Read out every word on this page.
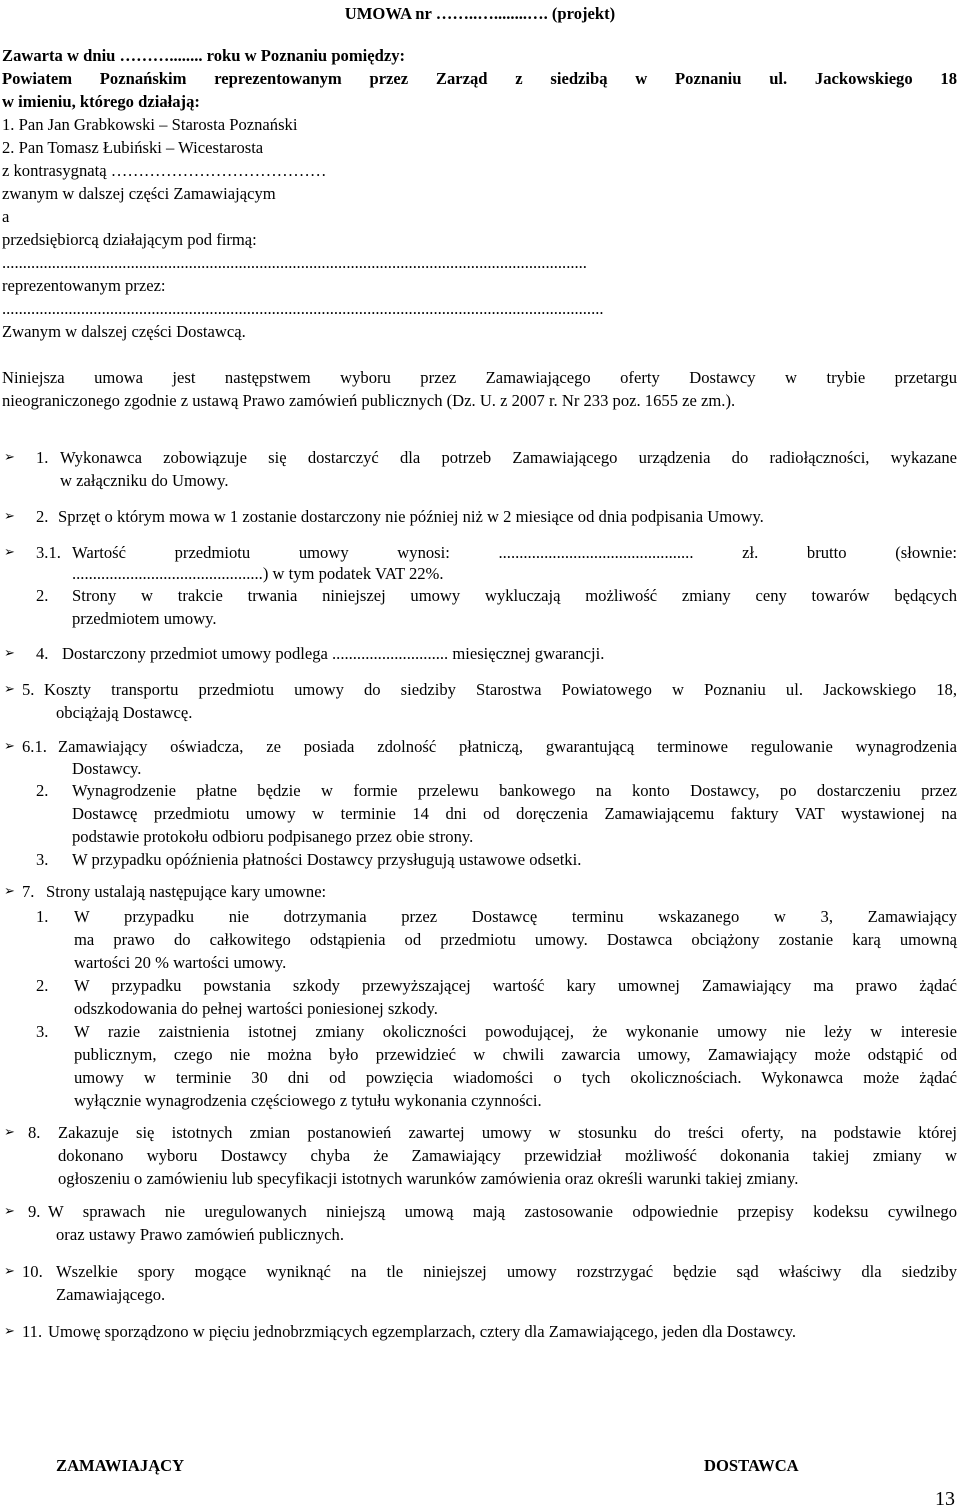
UMOWA nr ……..…........…. (projekt)
Zawarta w dniu ………........ roku w Poznaniu pomiędzy:
Powiatem Poznańskim reprezentowanym przez Zarząd z siedzibą w Poznaniu ul. Jackowskiego 18
w imieniu, którego działają:
1. Pan Jan Grabkowski – Starosta Poznański
2. Pan Tomasz Łubiński – Wicestarosta
z kontrasygnatą …………………………………
zwanym w dalszej części Zamawiającym
a
przedsiębiorcą działającym pod firmą:
.............................................................................................................................................
reprezentowanym przez:
.................................................................................................................................................
Zwanym w dalszej części Dostawcą.
Niniejsza umowa jest następstwem wyboru przez Zamawiającego oferty Dostawcy w trybie przetargu
nieograniczonego zgodnie z ustawą Prawo zamówień publicznych (Dz. U. z 2007 r. Nr 233 poz. 1655 ze zm.).
➢ 1. Wykonawca zobowiązuje się dostarczyć dla potrzeb Zamawiającego urządzenia do radiołączności, wykazane
w załączniku do Umowy.
➢ 2. Sprzęt o którym mowa w 1 zostanie dostarczony nie później niż w 2 miesiące od dnia podpisania Umowy.
➢ 3.1. Wartość przedmiotu umowy wynosi: ............................................... zł. brutto (słownie:
..............................................) w tym podatek VAT 22%.
2. Strony w trakcie trwania niniejszej umowy wykluczają możliwość zmiany ceny towarów będących
przedmiotem umowy.
➢ 4. Dostarczony przedmiot umowy podlega ............................ miesięcznej gwarancji.
➢ 5. Koszty transportu przedmiotu umowy do siedziby Starostwa Powiatowego w Poznaniu ul. Jackowskiego 18,
obciążają Dostawcę.
➢ 6.1. Zamawiający oświadcza, ze posiada zdolność płatniczą, gwarantującą terminowe regulowanie wynagrodzenia
Dostawcy.
2. Wynagrodzenie płatne będzie w formie przelewu bankowego na konto Dostawcy, po dostarczeniu przez
Dostawcę przedmiotu umowy w terminie 14 dni od doręczenia Zamawiającemu faktury VAT wystawionej na
podstawie protokołu odbioru podpisanego przez obie strony.
3. W przypadku opóźnienia płatności Dostawcy przysługują ustawowe odsetki.
➢ 7. Strony ustalają następujące kary umowne:
1. W przypadku nie dotrzymania przez Dostawcę terminu wskazanego w 3, Zamawiający
ma prawo do całkowitego odstąpienia od przedmiotu umowy. Dostawca obciążony zostanie karą umowną
wartości 20 % wartości umowy.
2. W przypadku powstania szkody przewyższającej wartość kary umownej Zamawiający ma prawo żądać
odszkodowania do pełnej wartości poniesionej szkody.
3. W razie zaistnienia istotnej zmiany okoliczności powodującej, że wykonanie umowy nie leży w interesie
publicznym, czego nie można było przewidzieć w chwili zawarcia umowy, Zamawiający może odstąpić od
umowy w terminie 30 dni od powzięcia wiadomości o tych okolicznościach. Wykonawca może żądać
wyłącznie wynagrodzenia częściowego z tytułu wykonania czynności.
➢ 8. Zakazuje się istotnych zmian postanowień zawartej umowy w stosunku do treści oferty, na podstawie której
dokonano wyboru Dostawcy chyba że Zamawiający przewidział możliwość dokonania takiej zmiany w
ogłoszeniu o zamówieniu lub specyfikacji istotnych warunków zamówienia oraz określi warunki takiej zmiany.
➢ 9. W sprawach nie uregulowanych niniejszą umową mają zastosowanie odpowiednie przepisy kodeksu cywilnego
oraz ustawy Prawo zamówień publicznych.
➢ 10. Wszelkie spory mogące wyniknąć na tle niniejszej umowy rozstrzygać będzie sąd właściwy dla siedziby
Zamawiającego.
➢ 11. Umowę sporządzono w pięciu jednobrzmiących egzemplarzach, cztery dla Zamawiającego, jeden dla Dostawcy.
ZAMAWIAJĄCY	DOSTAWCA
13
